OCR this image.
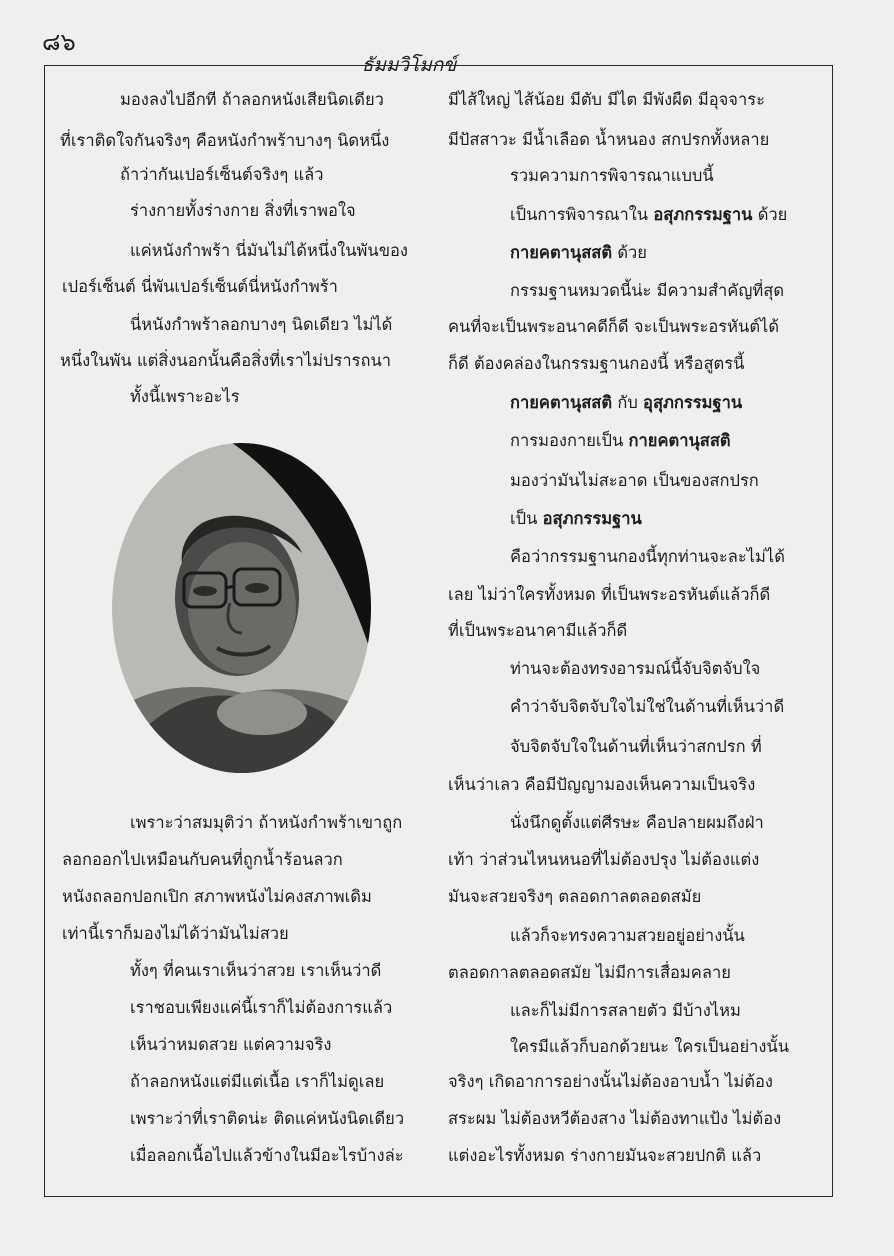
๘๖
ธัมมวิโมกข์
มองลงไปอีกที ถ้าลอกหนังเสียนิดเดียว
ที่เราติดใจกันจริงๆ คือหนังกำพร้าบางๆ นิดหนึ่ง
ถ้าว่ากันเปอร์เซ็นต์จริงๆ แล้ว
ร่างกายทั้งร่างกาย สิ่งที่เราพอใจ
แค่หนังกำพร้า นี่มันไม่ได้หนึ่งในพันของ
เปอร์เซ็นต์ นี่พันเปอร์เซ็นต์นี่หนังกำพร้า
นี่หนังกำพร้าลอกบางๆ นิดเดียว ไม่ได้
หนึ่งในพัน แต่สิ่งนอกนั้นคือสิ่งที่เราไม่ปรารถนา
ทั้งนี้เพราะอะไร
เพราะว่าสมมุติว่า ถ้าหนังกำพร้าเขาถูก
ลอกออกไปเหมือนกับคนที่ถูกน้ำร้อนลวก
หนังถลอกปอกเปิก สภาพหนังไม่คงสภาพเดิม
เท่านี้เราก็มองไม่ได้ว่ามันไม่สวย
ทั้งๆ ที่คนเราเห็นว่าสวย เราเห็นว่าดี
เราชอบเพียงแค่นี้เราก็ไม่ต้องการแล้ว
เห็นว่าหมดสวย แต่ความจริง
ถ้าลอกหนังแต่มีแต่เนื้อ เราก็ไม่ดูเลย
เพราะว่าที่เราติดน่ะ ติดแค่หนังนิดเดียว
เมื่อลอกเนื้อไปแล้วข้างในมีอะไรบ้างล่ะ
มีไส้ใหญ่ ไส้น้อย มีตับ มีไต มีพังผืด มีอุจจาระ
มีปัสสาวะ มีน้ำเลือด น้ำหนอง สกปรกทั้งหลาย
รวมความการพิจารณาแบบนี้
เป็นการพิจารณาใน อสุภกรรมฐาน ด้วย
กายคตานุสสติ ด้วย
กรรมฐานหมวดนี้น่ะ มีความสำคัญที่สุด
คนที่จะเป็นพระอนาคดีก็ดี จะเป็นพระอรหันต์ได้
ก็ดี ต้องคล่องในกรรมฐานกองนี้ หรือสูตรนี้
กายคตานุสสติ กับ อุสุภกรรมฐาน
การมองกายเป็น กายคตานุสสติ
มองว่ามันไม่สะอาด เป็นของสกปรก
เป็น อสุภกรรมฐาน
คือว่ากรรมฐานกองนี้ทุกท่านจะละไม่ได้
เลย ไม่ว่าใครทั้งหมด ที่เป็นพระอรหันต์แล้วก็ดี
ที่เป็นพระอนาคามีแล้วก็ดี
ท่านจะต้องทรงอารมณ์นี้จับจิตจับใจ
คำว่าจับจิตจับใจไม่ใช่ในด้านที่เห็นว่าดี
จับจิตจับใจในด้านที่เห็นว่าสกปรก ที่
เห็นว่าเลว คือมีปัญญามองเห็นความเป็นจริง
นั่งนึกดูตั้งแต่ศีรษะ คือปลายผมถึงฝ่า
เท้า ว่าส่วนไหนหนอที่ไม่ต้องปรุง ไม่ต้องแต่ง
มันจะสวยจริงๆ ตลอดกาลตลอดสมัย
แล้วก็จะทรงความสวยอยู่อย่างนั้น
ตลอดกาลตลอดสมัย ไม่มีการเสื่อมคลาย
และก็ไม่มีการสลายตัว มีบ้างไหม
ใครมีแล้วก็บอกด้วยนะ ใครเป็นอย่างนั้น
จริงๆ เกิดอาการอย่างนั้นไม่ต้องอาบน้ำ ไม่ต้อง
สระผม ไม่ต้องหวีต้องสาง ไม่ต้องทาแป้ง ไม่ต้อง
แต่งอะไรทั้งหมด ร่างกายมันจะสวยปกติ แล้ว
